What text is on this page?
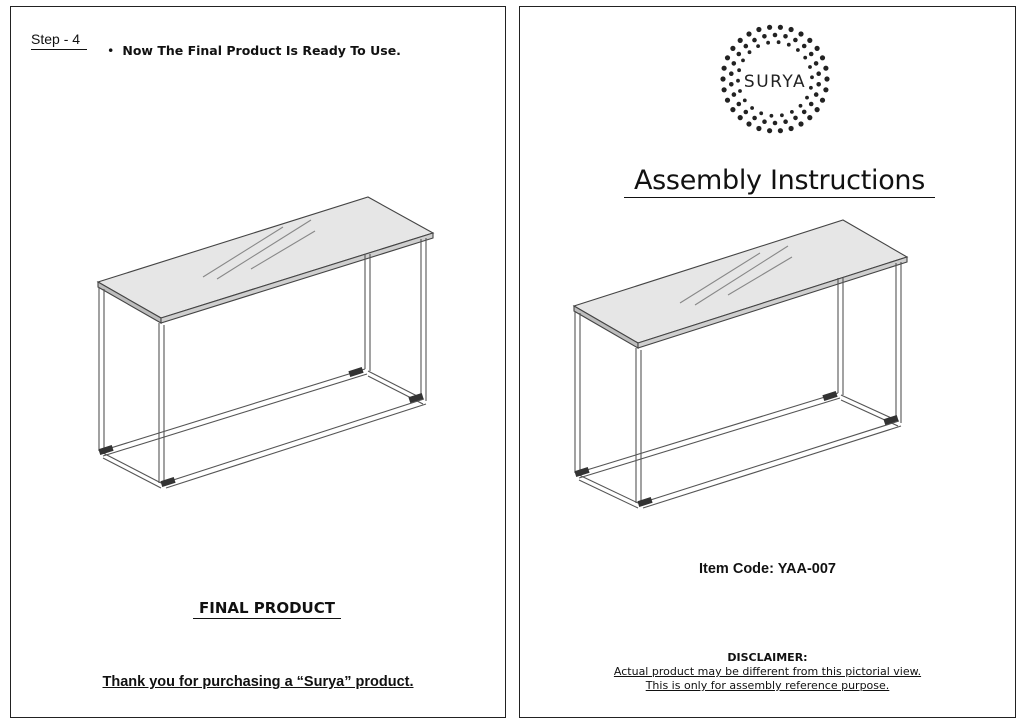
Step - 4
• Now The Final Product Is Ready To Use.
FINAL PRODUCT
Thank you for purchasing a “Surya” product.
SURYA
Assembly Instructions
Item Code: YAA-007
DISCLAIMER:
Actual product may be different from this pictorial view.
This is only for assembly reference purpose.
